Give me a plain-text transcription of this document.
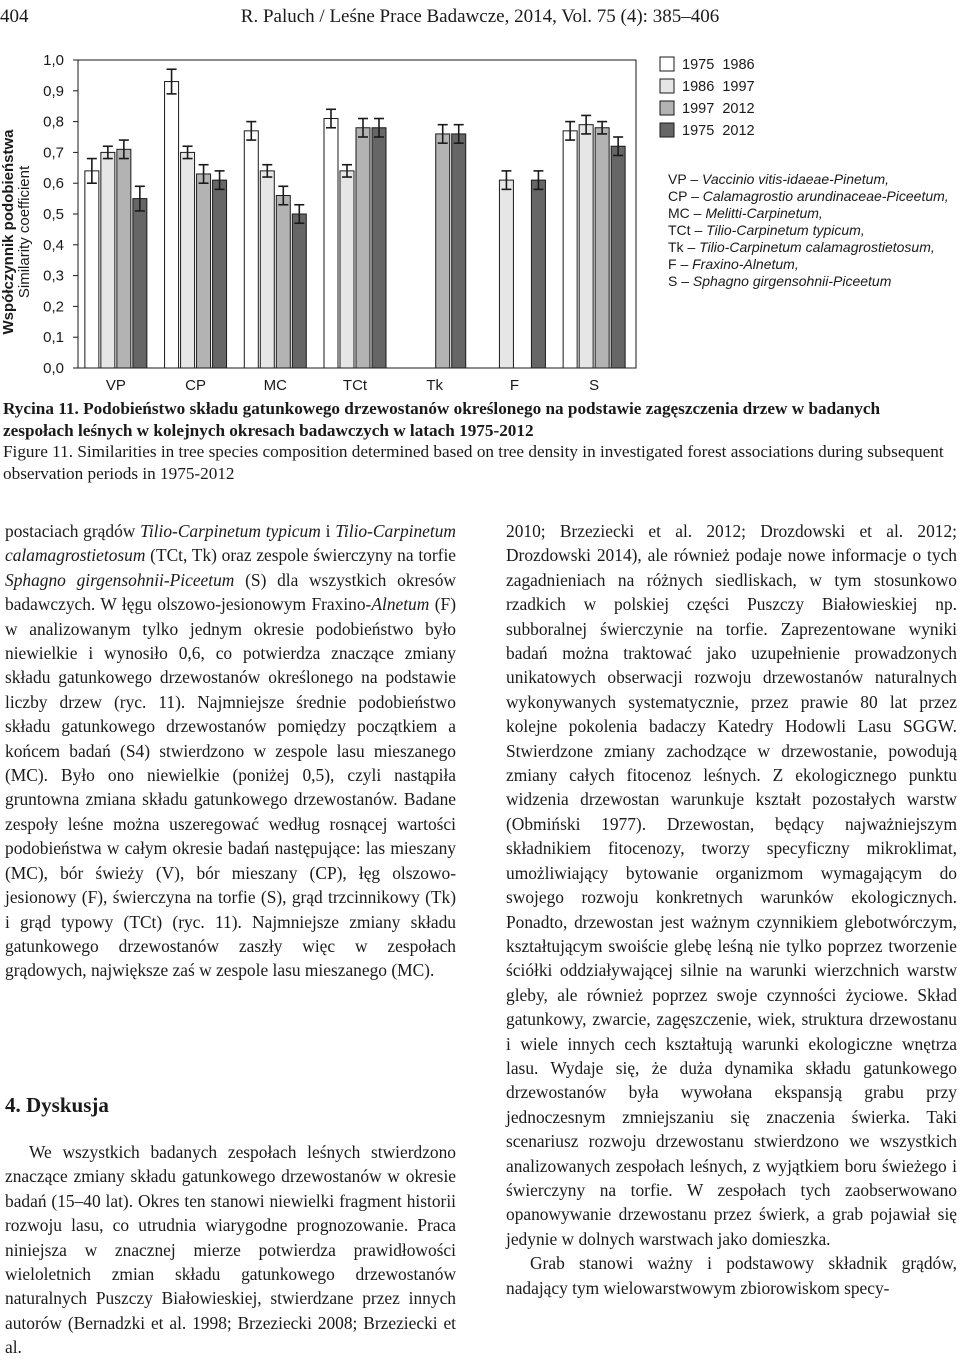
404	R. Paluch / Leśne Prace Badawcze, 2014, Vol. 75 (4): 385–406
Współczynnik podobieństwa Similarity coefficient
0,0
0,1
0,2
0,3
0,4
0,5
0,6
0,7
0,8
0,9
1,0
VP	CP	MC	TCt	Tk	F	S
1975  1986
1986  1997
1997  2012
1975  2012
VP – Vaccinio vitis-idaeae-Pinetum,
CP – Calamagrostio arundinaceae-Piceetum,
MC – Melitti-Carpinetum,
TCt – Tilio-Carpinetum typicum,
Tk – Tilio-Carpinetum calamagrostietosum,
F – Fraxino-Alnetum,
S – Sphagno girgensohnii-Piceetum

Rycina 11. Podobieństwo składu gatunkowego drzewostanów określonego na podstawie zagęszczenia drzew w badanych zespołach leśnych w kolejnych okresach badawczych w latach 1975-2012

Figure 11. Similarities in tree species composition determined based on tree density in investigated forest associations during subsequent observation periods in 1975-2012

postaciach grądów Tilio-Carpinetum typicum i Tilio-Carpinetum calamagrostietosum (TCt, Tk) oraz zespole świerczyny na torfie Sphagno girgensohnii-Piceetum (S) dla wszystkich okresów badawczych. W łęgu olszowo-jesionowym Fraxino-Alnetum (F) w analizowanym tylko jednym okresie podobieństwo było niewielkie i wynosiło 0,6, co potwierdza znaczące zmiany składu gatunkowego drzewostanów określonego na podstawie liczby drzew (ryc. 11). Najmniejsze średnie podobieństwo składu gatunkowego drzewostanów pomiędzy początkiem a końcem badań (S4) stwierdzono w zespole lasu mieszanego (MC). Było ono niewielkie (poniżej 0,5), czyli nastąpiła gruntowna zmiana składu gatunkowego drzewostanów. Badane zespoły leśne można uszeregować według rosnącej wartości podobieństwa w całym okresie badań następujące: las mieszany (MC), bór świeży (V), bór mieszany (CP), łęg olszowo-jesionowy (F), świerczyna na torfie (S), grąd trzcinnikowy (Tk) i grąd typowy (TCt) (ryc. 11). Najmniejsze zmiany składu gatunkowego drzewostanów zaszły więc w zespołach grądowych, największe zaś w zespole lasu mieszanego (MC).

4. Dyskusja

We wszystkich badanych zespołach leśnych stwierdzono znaczące zmiany składu gatunkowego drzewostanów w okresie badań (15–40 lat). Okres ten stanowi niewielki fragment historii rozwoju lasu, co utrudnia wiarygodne prognozowanie. Praca niniejsza w znacznej mierze potwierdza prawidłowości wieloletnich zmian składu gatunkowego drzewostanów naturalnych Puszczy Białowieskiej, stwierdzane przez innych autorów (Bernadzki et al. 1998; Brzeziecki 2008; Brzeziecki et al.

2010; Brzeziecki et al. 2012; Drozdowski et al. 2012; Drozdowski 2014), ale również podaje nowe informacje o tych zagadnieniach na różnych siedliskach, w tym stosunkowo rzadkich w polskiej części Puszczy Białowieskiej np. subboralnej świerczynie na torfie. Zaprezentowane wyniki badań można traktować jako uzupełnienie prowadzonych unikatowych obserwacji rozwoju drzewostanów naturalnych wykonywanych systematycznie, przez prawie 80 lat przez kolejne pokolenia badaczy Katedry Hodowli Lasu SGGW. Stwierdzone zmiany zachodzące w drzewostanie, powodują zmiany całych fitocenoz leśnych. Z ekologicznego punktu widzenia drzewostan warunkuje kształt pozostałych warstw (Obmiński 1977). Drzewostan, będący najważniejszym składnikiem fitocenozy, tworzy specyficzny mikroklimat, umożliwiający bytowanie organizmom wymagającym do swojego rozwoju konkretnych warunków ekologicznych. Ponadto, drzewostan jest ważnym czynnikiem glebotwórczym, kształtującym swoiście glebę leśną nie tylko poprzez tworzenie ściółki oddziaływającej silnie na warunki wierzchnich warstw gleby, ale również poprzez swoje czynności życiowe. Skład gatunkowy, zwarcie, zagęszczenie, wiek, struktura drzewostanu i wiele innych cech kształtują warunki ekologiczne wnętrza lasu. Wydaje się, że duża dynamika składu gatunkowego drzewostanów była wywołana ekspansją grabu przy jednoczesnym zmniejszaniu się znaczenia świerka. Taki scenariusz rozwoju drzewostanu stwierdzono we wszystkich analizowanych zespołach leśnych, z wyjątkiem boru świeżego i świerczyny na torfie. W zespołach tych zaobserwowano opanowywanie drzewostanu przez świerk, a grab pojawiał się jedynie w dolnych warstwach jako domieszka.

Grab stanowi ważny i podstawowy składnik grądów, nadający tym wielowarstwowym zbiorowiskom specy-
